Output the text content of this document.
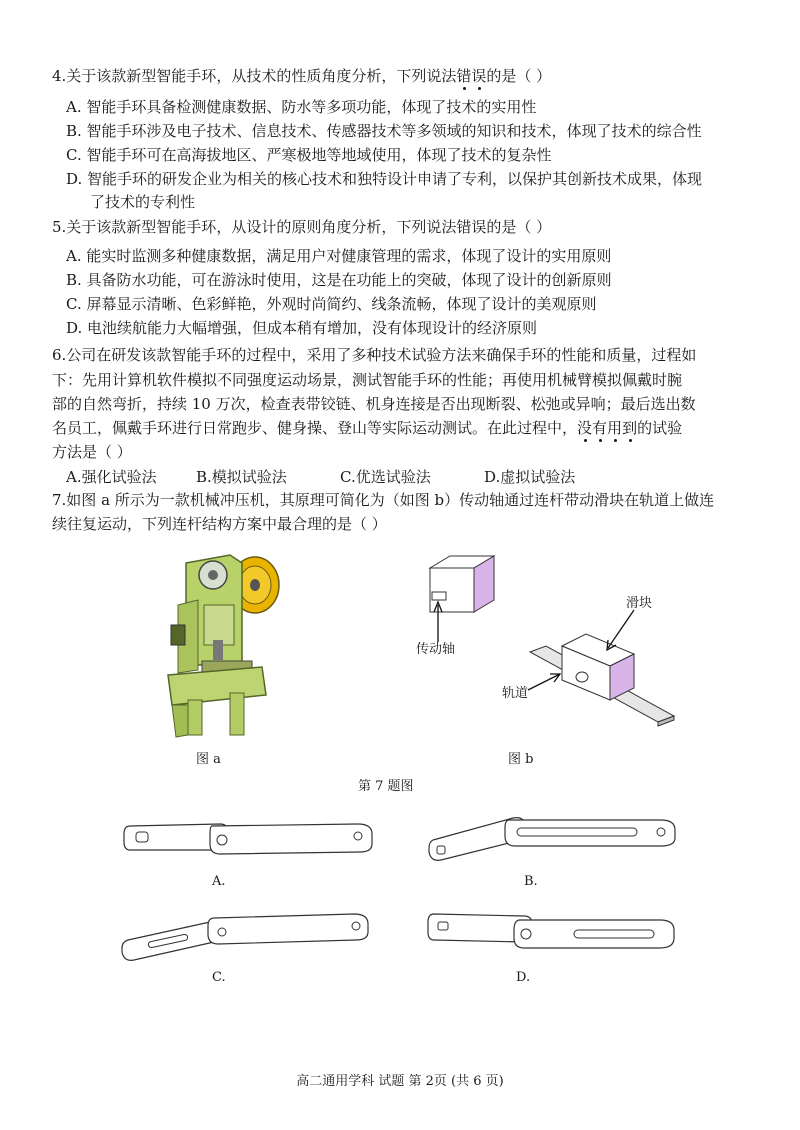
4.关于该款新型智能手环，从技术的性质角度分析，下列说法错误的是（ ）
A. 智能手环具备检测健康数据、防水等多项功能，体现了技术的实用性
B. 智能手环涉及电子技术、信息技术、传感器技术等多领域的知识和技术，体现了技术的综合性
C. 智能手环可在高海拔地区、严寒极地等地域使用，体现了技术的复杂性
D. 智能手环的研发企业为相关的核心技术和独特设计申请了专利，以保护其创新技术成果，体现
了技术的专利性
5.关于该款新型智能手环，从设计的原则角度分析，下列说法错误的是（ ）
A. 能实时监测多种健康数据，满足用户对健康管理的需求，体现了设计的实用原则
B. 具备防水功能，可在游泳时使用，这是在功能上的突破，体现了设计的创新原则
C. 屏幕显示清晰、色彩鲜艳，外观时尚简约、线条流畅，体现了设计的美观原则
D. 电池续航能力大幅增强，但成本稍有增加，没有体现设计的经济原则
6.公司在研发该款智能手环的过程中，采用了多种技术试验方法来确保手环的性能和质量，过程如
下：先用计算机软件模拟不同强度运动场景，测试智能手环的性能；再使用机械臂模拟佩戴时腕
部的自然弯折，持续 10 万次，检查表带铰链、机身连接是否出现断裂、松弛或异响；最后选出数
名员工，佩戴手环进行日常跑步、健身操、登山等实际运动测试。在此过程中，没有用到的试验
方法是（ ）
A.强化试验法	B.模拟试验法	C.优选试验法	D.虚拟试验法
7.如图 a 所示为一款机械冲压机，其原理可简化为（如图 b）传动轴通过连杆带动滑块在轨道上做连
续往复运动，下列连杆结构方案中最合理的是（ ）
图 a
传动轴
滑块
轨道
图 b
第 7 题图
A.	B.
C.	D.
高二通用学科 试题 第 2页 (共 6 页)
